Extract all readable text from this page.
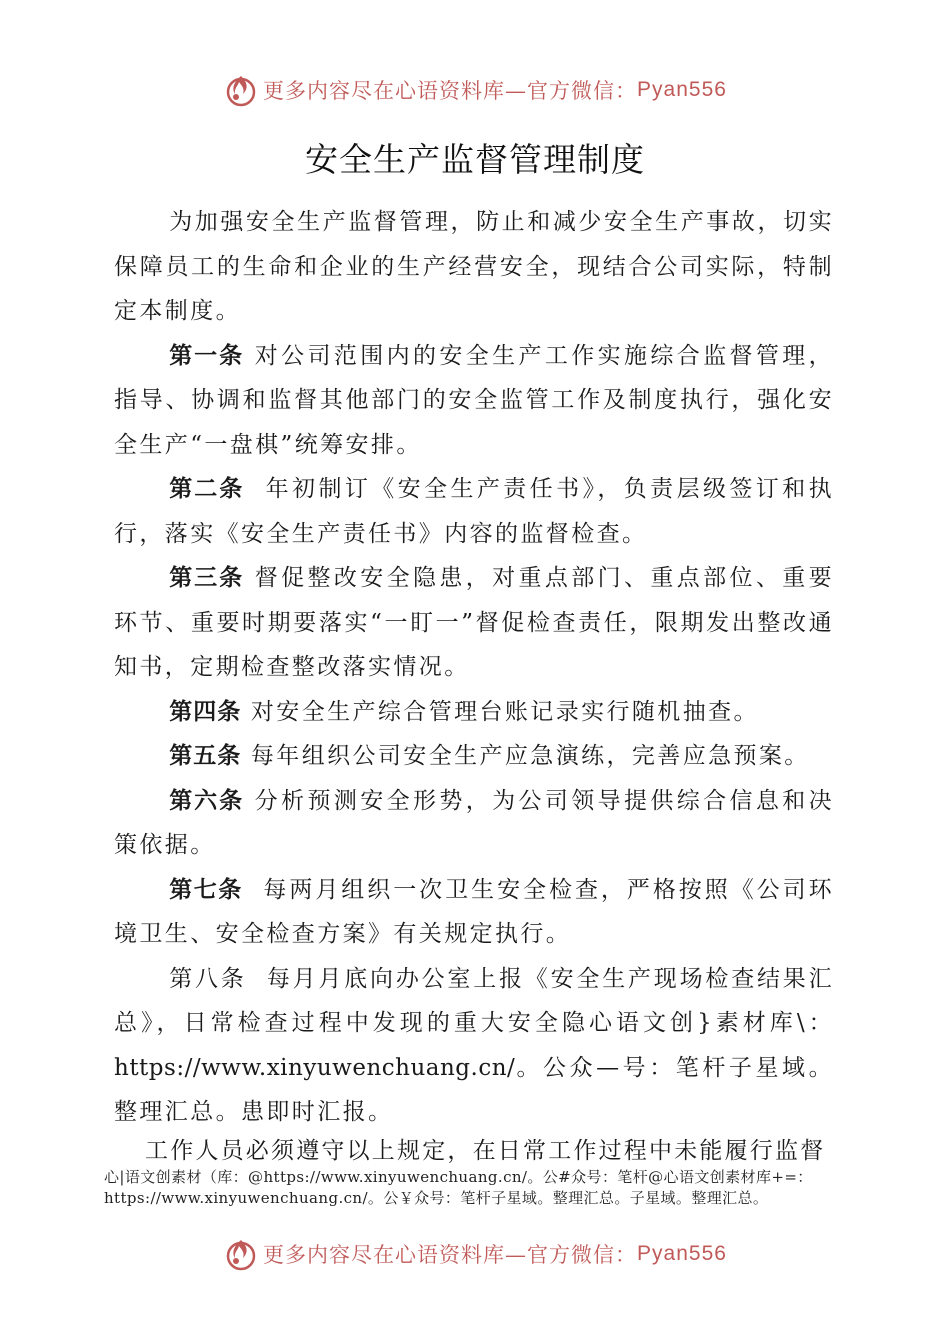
更多内容尽在心语资料库—官方微信： Pyan556
安全生产监督管理制度

为加强安全生产监督管理，防止和减少安全生产事故，切实保障员工的生命和企业的生产经营安全，现结合公司实际，特制定本制度。

第一条 对公司范围内的安全生产工作实施综合监督管理，指导、协调和监督其他部门的安全监管工作及制度执行，强化安全生产“一盘棋”统筹安排。

第二条 年初制订《安全生产责任书》，负责层级签订和执行，落实《安全生产责任书》内容的监督检查。

第三条 督促整改安全隐患，对重点部门、重点部位、重要环节、重要时期要落实“一盯一”督促检查责任，限期发出整改通知书，定期检查整改落实情况。

第四条 对安全生产综合管理台账记录实行随机抽查。

第五条 每年组织公司安全生产应急演练，完善应急预案。

第六条 分析预测安全形势，为公司领导提供综合信息和决策依据。

第七条 每两月组织一次卫生安全检查，严格按照《公司环境卫生、安全检查方案》有关规定执行。

第八条 每月月底向办公室上报《安全生产现场检查结果汇总》，日常检查过程中发现的重大安全隐心语文创}素材库\：https://www.xinyuwenchuang.cn/。公众—号：笔杆子星域。整理汇总。患即时汇报。

工作人员必须遵守以上规定，在日常工作过程中未能履行监督
心|语文创素材（库：@https://www.xinyuwenchuang.cn/。公#众号：笔杆@心语文创素材库+=：
https://www.xinyuwenchuang.cn/。公￥众号：笔杆子星域。整理汇总。子星域。整理汇总。
更多内容尽在心语资料库—官方微信： Pyan556
